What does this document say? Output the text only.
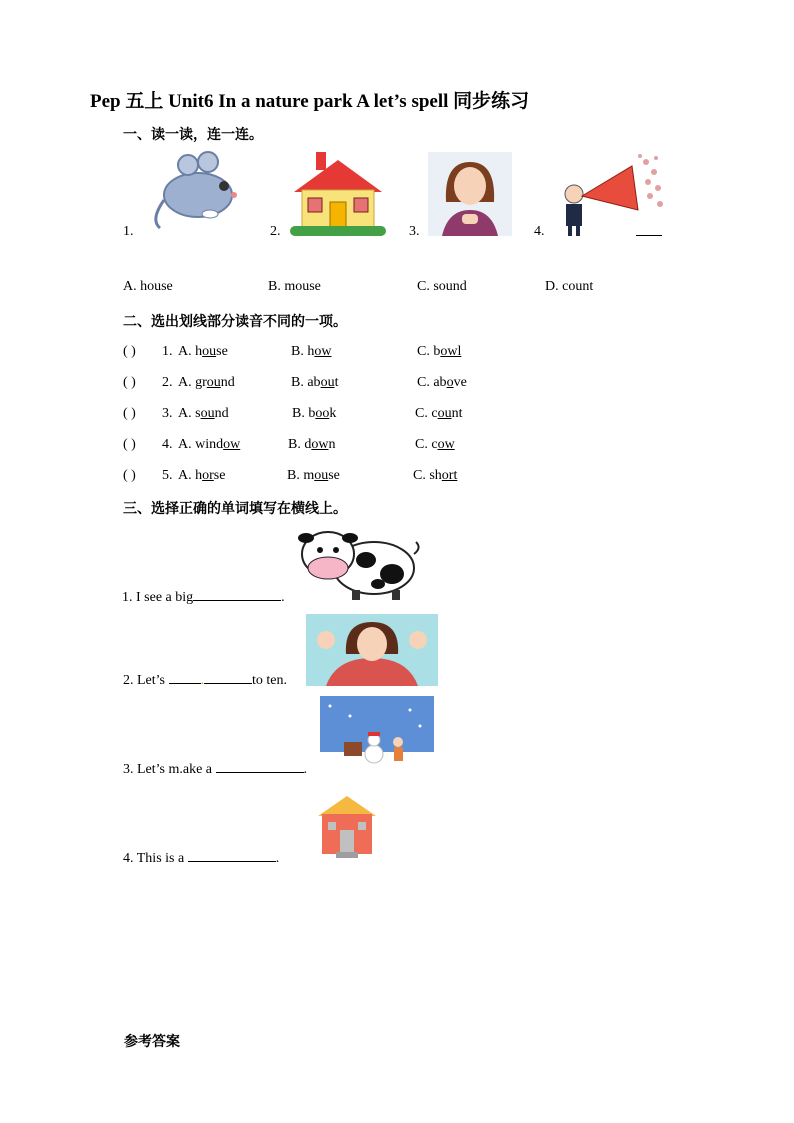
Pep 五上 Unit6 In a nature park A let’s spell 同步练习
一、读一读，连一连。
1.	2.	3.	4.
A. house	B. mouse	C. sound	D. count
二、选出划线部分读音不同的一项。
( ) 1. A. house	B. how	C. bowl
( ) 2. A. ground	B. about	C. above
( ) 3. A. sound	B. book	C. count
( ) 4. A. window	B. down	C. cow
( ) 5. A. horse	B. mouse	C. short
三、选择正确的单词填写在横线上。
1. I see a big	.
2. Let’s .	to ten.
3. Let’s m.ake a	.
4. This is a	.
参考答案
